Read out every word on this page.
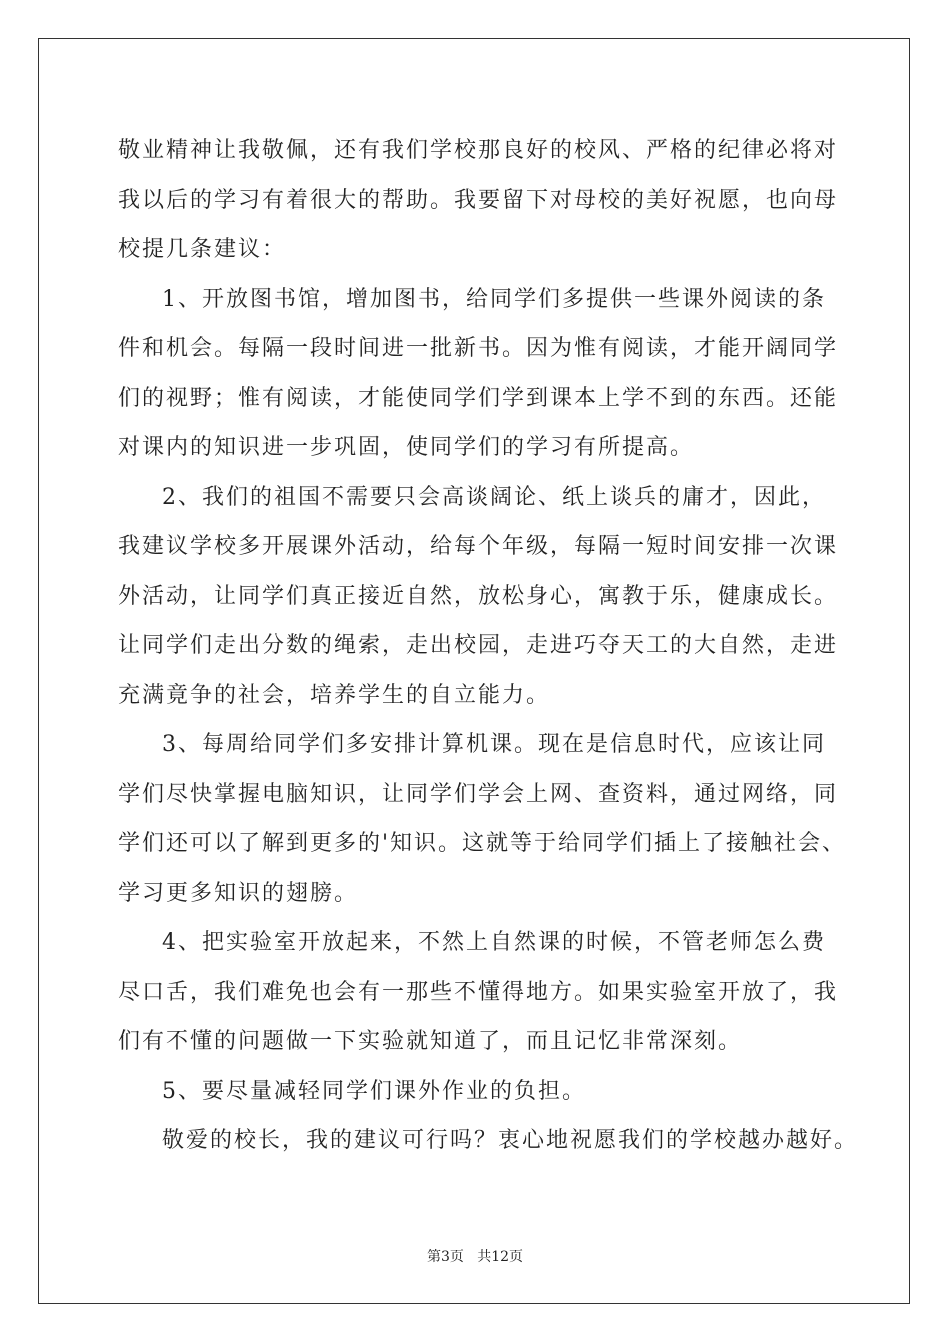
敬业精神让我敬佩，还有我们学校那良好的校风、严格的纪律必将对
我以后的学习有着很大的帮助。我要留下对母校的美好祝愿，也向母
校提几条建议：

1、开放图书馆，增加图书，给同学们多提供一些课外阅读的条
件和机会。每隔一段时间进一批新书。因为惟有阅读，才能开阔同学
们的视野；惟有阅读，才能使同学们学到课本上学不到的东西。还能
对课内的知识进一步巩固，使同学们的学习有所提高。

2、我们的祖国不需要只会高谈阔论、纸上谈兵的庸才，因此，
我建议学校多开展课外活动，给每个年级，每隔一短时间安排一次课
外活动，让同学们真正接近自然，放松身心，寓教于乐，健康成长。
让同学们走出分数的绳索，走出校园，走进巧夺天工的大自然，走进
充满竟争的社会，培养学生的自立能力。

3、每周给同学们多安排计算机课。现在是信息时代，应该让同
学们尽快掌握电脑知识，让同学们学会上网、查资料，通过网络，同
学们还可以了解到更多的'知识。这就等于给同学们插上了接触社会、
学习更多知识的翅膀。

4、把实验室开放起来，不然上自然课的时候，不管老师怎么费
尽口舌，我们难免也会有一那些不懂得地方。如果实验室开放了，我
们有不懂的问题做一下实验就知道了，而且记忆非常深刻。

5、要尽量减轻同学们课外作业的负担。

敬爱的校长，我的建议可行吗？衷心地祝愿我们的学校越办越好。

第3页   共12页
